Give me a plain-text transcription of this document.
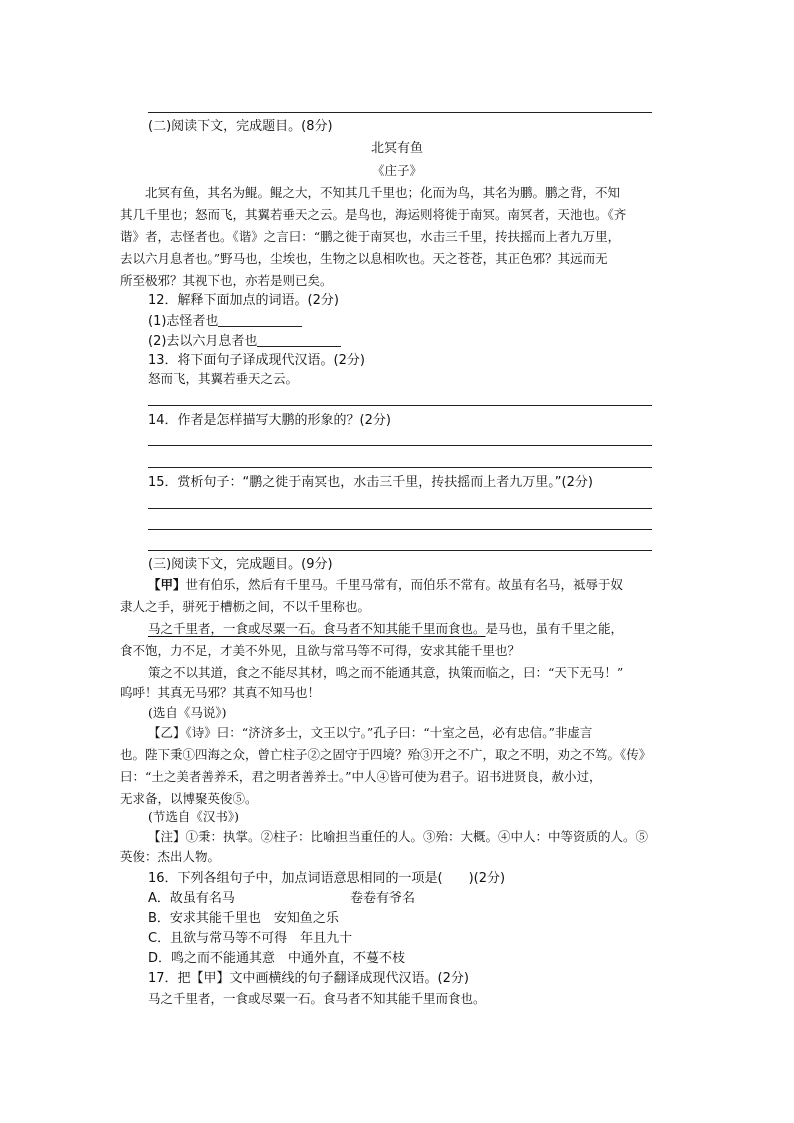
(二)阅读下文，完成题目。(8分)
北冥有鱼
《庄子》
北冥有鱼，其名为鲲。鲲之大，不知其几千里也；化而为鸟，其名为鹏。鹏之背，不知
其几千里也；怒而飞，其翼若垂天之云。是鸟也，海运则将徙于南冥。南冥者，天池也。《齐
谐》者，志怪者也。《谐》之言曰：“鹏之徙于南冥也，水击三千里，抟扶摇而上者九万里，
去以六月息者也。”野马也，尘埃也，生物之以息相吹也。天之苍苍，其正色邪？其远而无
所至极邪？其视下也，亦若是则已矣。
12．解释下面加点的词语。(2分)
(1)志怪者也
(2)去以六月息者也
13．将下面句子译成现代汉语。(2分)
怒而飞，其翼若垂天之云。
14．作者是怎样描写大鹏的形象的？(2分)
15．赏析句子：“鹏之徙于南冥也，水击三千里，抟扶摇而上者九万里。”(2分)
(三)阅读下文，完成题目。(9分)
【甲】世有伯乐，然后有千里马。千里马常有，而伯乐不常有。故虽有名马，祗辱于奴
隶人之手，骈死于槽枥之间，不以千里称也。
马之千里者，一食或尽粟一石。食马者不知其能千里而食也。是马也，虽有千里之能，
食不饱，力不足，才美不外见，且欲与常马等不可得，安求其能千里也？
策之不以其道，食之不能尽其材，鸣之而不能通其意，执策而临之，曰：“天下无马！”
呜呼！其真无马邪？其真不知马也！
(选自《马说》)
【乙】《诗》曰：“济济多士，文王以宁。”孔子曰：“十室之邑，必有忠信。”非虚言
也。陛下秉①四海之众，曾亡柱子②之固守于四境？殆③开之不广，取之不明，劝之不笃。《传》
曰：“土之美者善养禾，君之明者善养士。”中人④皆可使为君子。诏书进贤良，赦小过，
无求备，以博聚英俊⑤。
(节选自《汉书》)
【注】①秉：执掌。②柱子：比喻担当重任的人。③殆：大概。④中人：中等资质的人。⑤
英俊：杰出人物。
16．下列各组句子中，加点词语意思相同的一项是(　　)(2分)
A．故虽有名马	卷卷有爷名
B．安求其能千里也　安知鱼之乐
C．且欲与常马等不可得　年且九十
D．鸣之而不能通其意　中通外直，不蔓不枝
17．把【甲】文中画横线的句子翻译成现代汉语。(2分)
马之千里者，一食或尽粟一石。食马者不知其能千里而食也。
